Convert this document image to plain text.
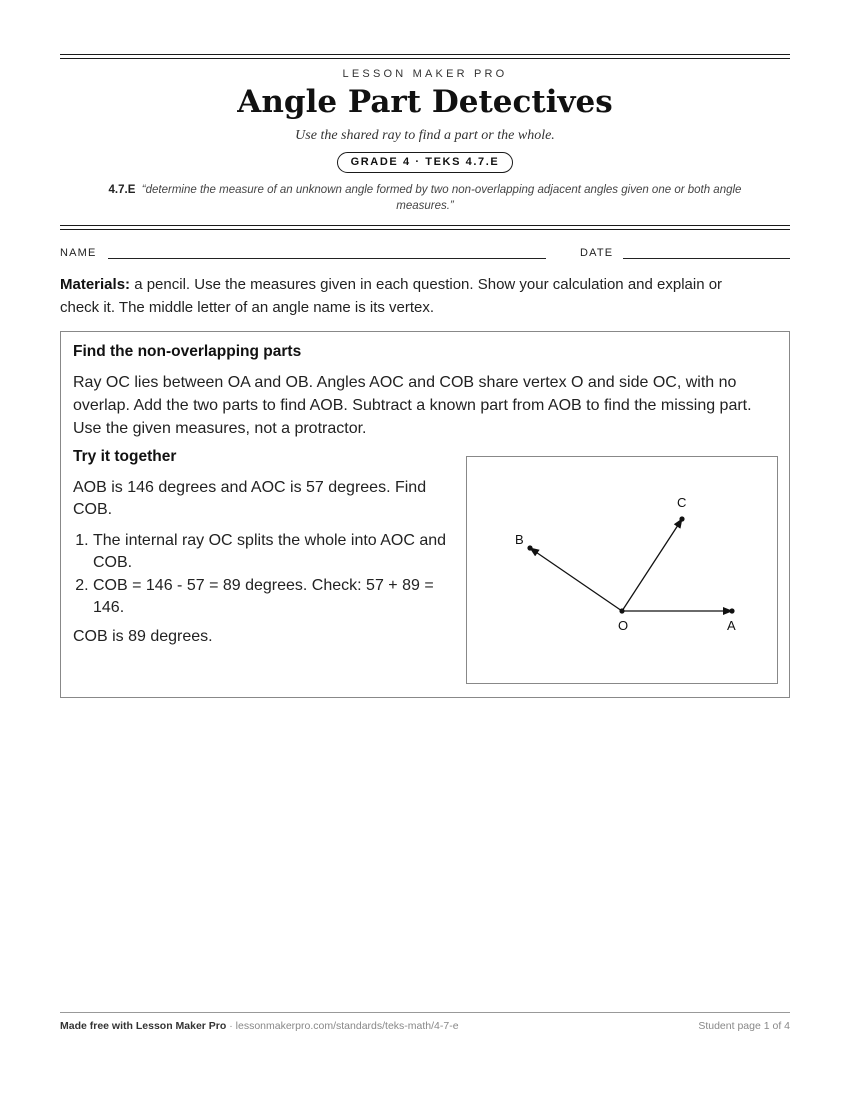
LESSON MAKER PRO
Angle Part Detectives
Use the shared ray to find a part or the whole.
GRADE 4 · TEKS 4.7.E
4.7.E “determine the measure of an unknown angle formed by two non-overlapping adjacent angles given one or both angle measures.”
NAME	DATE
Materials: a pencil. Use the measures given in each question. Show your calculation and explain or check it. The middle letter of an angle name is its vertex.
Find the non-overlapping parts
Ray OC lies between OA and OB. Angles AOC and COB share vertex O and side OC, with no overlap. Add the two parts to find AOB. Subtract a known part from AOB to find the missing part. Use the given measures, not a protractor.
Try it together
AOB is 146 degrees and AOC is 57 degrees. Find COB.
1. The internal ray OC splits the whole into AOC and COB.
2. COB = 146 - 57 = 89 degrees. Check: 57 + 89 = 146.
COB is 89 degrees.
O	A
C
B
Made free with Lesson Maker Pro · lessonmakerpro.com/standards/teks-math/4-7-e	Student page 1 of 4
